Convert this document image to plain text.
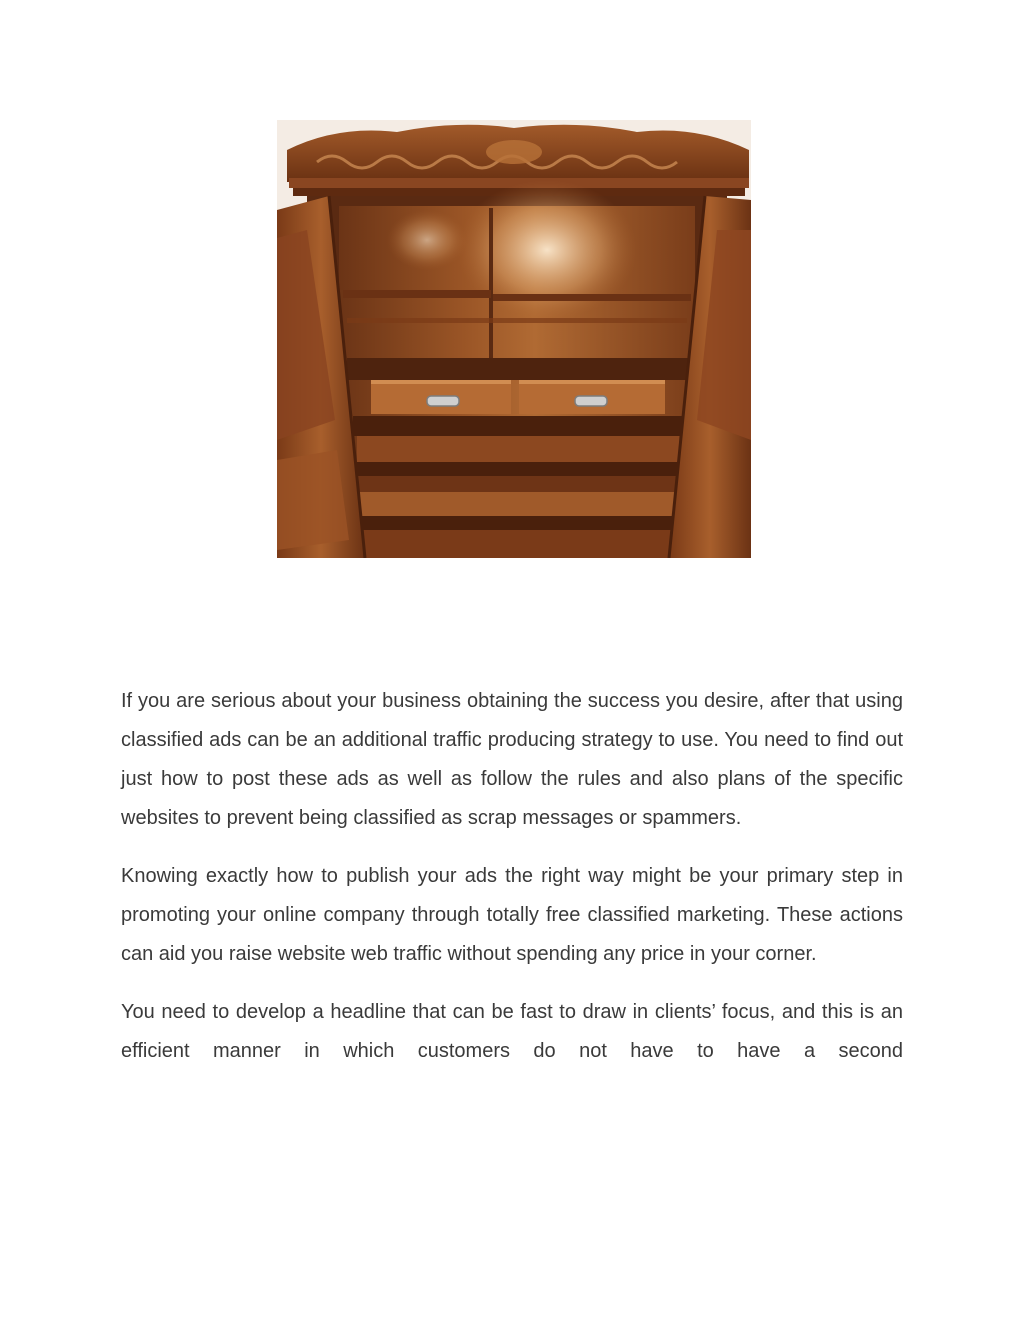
If you are serious about your business obtaining the success you desire, after that using classified ads can be an additional traffic producing strategy to use. You need to find out just how to post these ads as well as follow the rules and also plans of the specific websites to prevent being classified as scrap messages or spammers.

Knowing exactly how to publish your ads the right way might be your primary step in promoting your online company through totally free classified marketing. These actions can aid you raise website web traffic without spending any price in your corner.

You need to develop a headline that can be fast to draw in clients’ focus, and this is an efficient manner in which customers do not have to have a second
